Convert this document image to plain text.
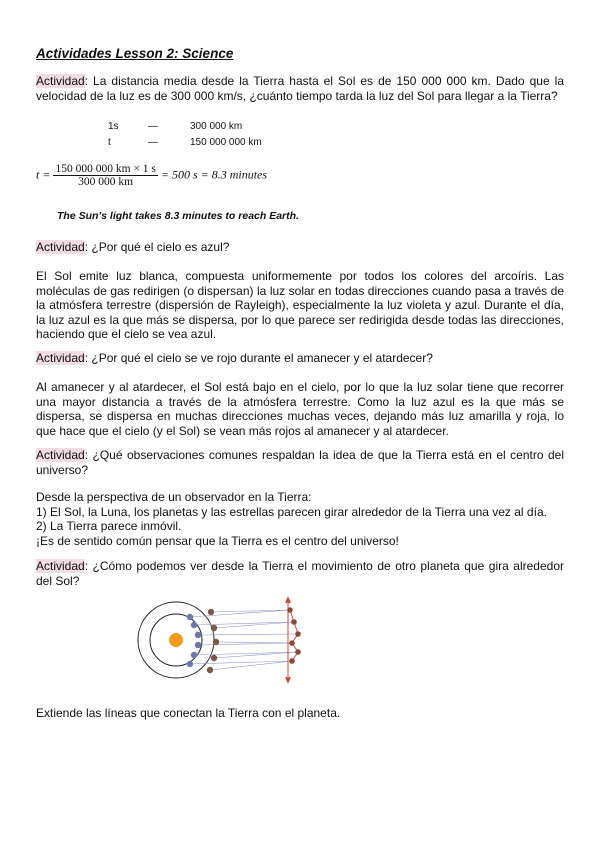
Actividades Lesson 2: Science
Actividad: La distancia media desde la Tierra hasta el Sol es de 150 000 000 km. Dado que la velocidad de la luz es de 300 000 km/s, ¿cuánto tiempo tarda la luz del Sol para llegar a la Tierra?
1s	—	300 000 km
t	—	150 000 000 km
$t = \frac{150 000 000 km \times 1 s}{300 000 km} = 500$ s = 8.3 minutes
The Sun’s light takes 8.3 minutes to reach Earth.
Actividad: ¿Por qué el cielo es azul?
El Sol emite luz blanca, compuesta uniformemente por todos los colores del arcoíris. Las moléculas de gas redirigen (o dispersan) la luz solar en todas direcciones cuando pasa a través de la atmósfera terrestre (dispersión de Rayleigh), especialmente la luz violeta y azul. Durante el día, la luz azul es la que más se dispersa, por lo que parece ser redirigida desde todas las direcciones, haciendo que el cielo se vea azul.
Actividad: ¿Por qué el cielo se ve rojo durante el amanecer y el atardecer?
Al amanecer y al atardecer, el Sol está bajo en el cielo, por lo que la luz solar tiene que recorrer una mayor distancia a través de la atmósfera terrestre. Como la luz azul es la que más se dispersa, se dispersa en muchas direcciones muchas veces, dejando más luz amarilla y roja, lo que hace que el cielo (y el Sol) se vean más rojos al amanecer y al atardecer.
Actividad: ¿Qué observaciones comunes respaldan la idea de que la Tierra está en el centro del universo?
Desde la perspectiva de un observador en la Tierra:
1) El Sol, la Luna, los planetas y las estrellas parecen girar alrededor de la Tierra una vez al día.
2) La Tierra parece inmóvil.
¡Es de sentido común pensar que la Tierra es el centro del universo!
Actividad: ¿Cómo podemos ver desde la Tierra el movimiento de otro planeta que gira alrededor del Sol?
Extiende las líneas que conectan la Tierra con el planeta.
